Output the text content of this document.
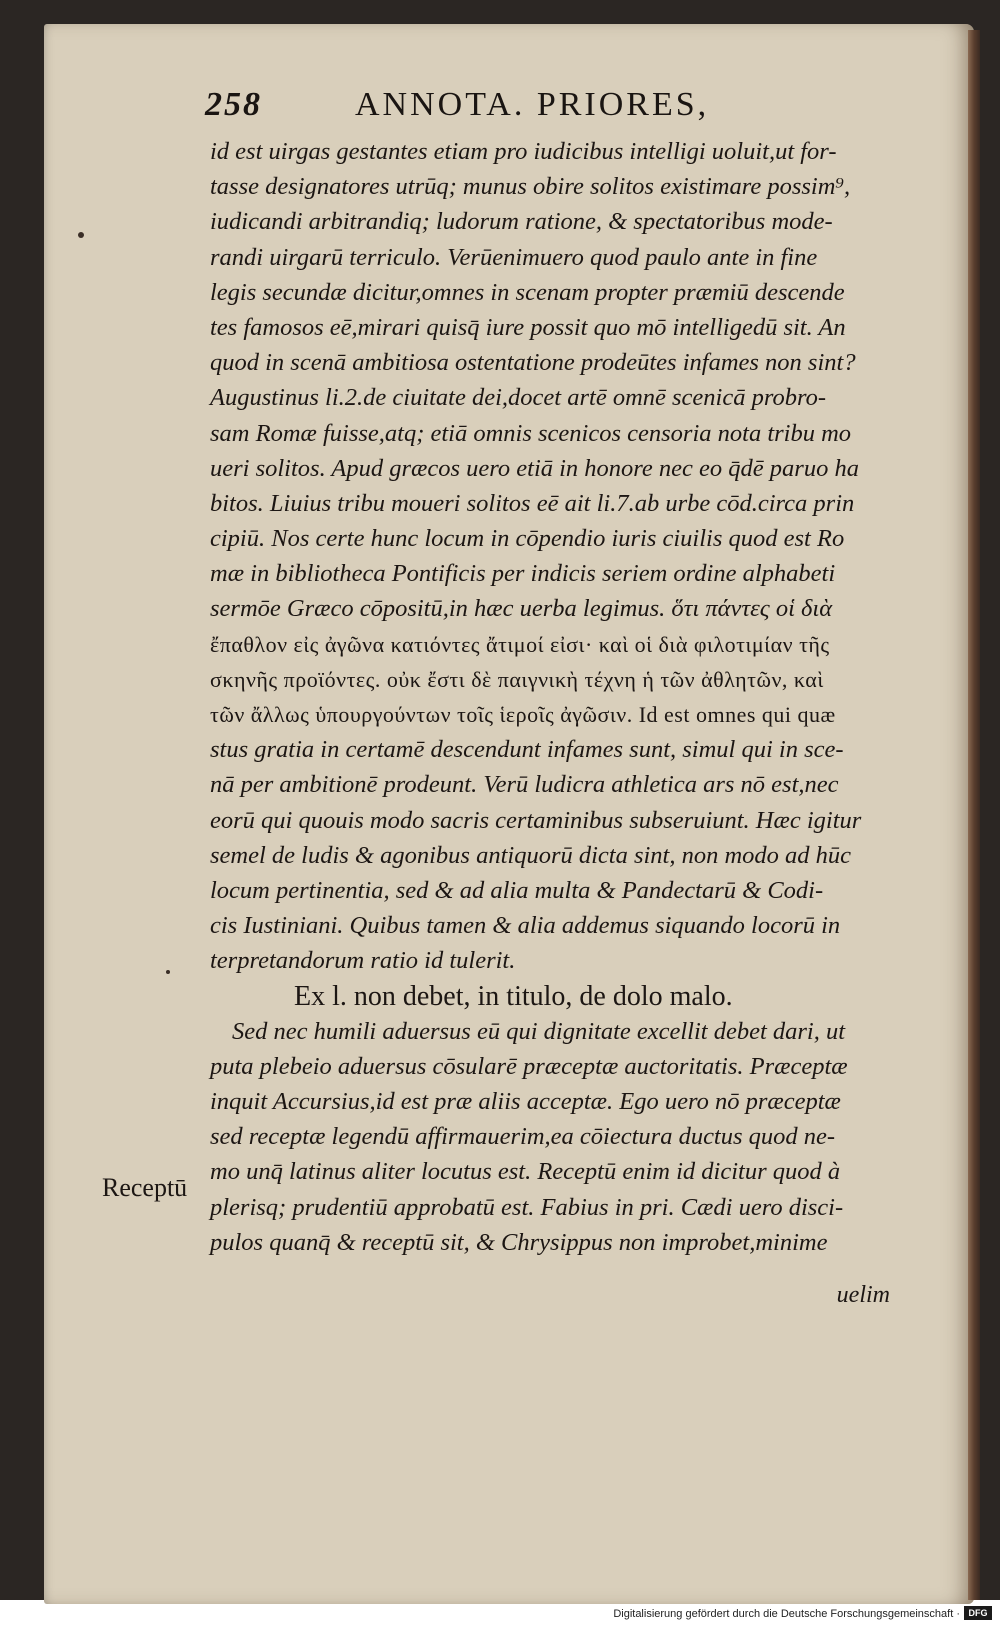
258	ANNOTA. PRIORES,
id est uirgas gestantes etiam pro iudicibus intelligi uoluit,ut for-
tasse designatores utrūq; munus obire solitos existimare possim⁹,
iudicandi arbitrandiq; ludorum ratione, & spectatoribus mode-
randi uirgarū terriculo. Verūenimuero quod paulo ante in fine
legis secundæ dicitur,omnes in scenam propter præmiū descende
tes famosos eē,mirari quisq̄ iure possit quo mō intelligedū sit. An
quod in scenā ambitiosa ostentatione prodeūtes infames non sint?
Augustinus li.2.de ciuitate dei,docet artē omnē scenicā probro-
sam Romæ fuisse,atq; etiā omnis scenicos censoria nota tribu mo
ueri solitos. Apud græcos uero etiā in honore nec eo q̄dē paruo ha
bitos. Liuius tribu moueri solitos eē ait li.7.ab urbe cōd.circa prin
cipiū. Nos certe hunc locum in cōpendio iuris ciuilis quod est Ro
mæ in bibliotheca Pontificis per indicis seriem ordine alphabeti
sermōe Græco cōpositū,in hæc uerba legimus. ὅτι πάντες οἱ διὰ
ἔπαθλον εἰς ἀγῶνα κατιόντες ἄτιμοί εἰσι· καὶ οἱ διὰ φιλοτιμίαν τῆς
σκηνῆς προϊόντες. οὐκ ἔστι δὲ παιγνικὴ τέχνη ἡ τῶν ἀθλητῶν, καὶ
τῶν ἄλλως ὑπουργούντων τοῖς ἱεροῖς ἀγῶσιν. Id est omnes qui quæ
stus gratia in certamē descendunt infames sunt, simul qui in sce-
nā per ambitionē prodeunt. Verū ludicra athletica ars nō est,nec
eorū qui quouis modo sacris certaminibus subseruiunt. Hæc igitur
semel de ludis & agonibus antiquorū dicta sint, non modo ad hūc
locum pertinentia, sed & ad alia multa & Pandectarū & Codi-
cis Iustiniani. Quibus tamen & alia addemus siquando locorū in
terpretandorum ratio id tulerit.
Ex l. non debet, in titulo, de dolo malo.
Sed nec humili aduersus eū qui dignitate excellit debet dari, ut
puta plebeio aduersus cōsularē præceptæ auctoritatis. Præceptæ
inquit Accursius,id est præ aliis acceptæ. Ego uero nō præceptæ
sed receptæ legendū affirmauerim,ea cōiectura ductus quod ne-
mo unq̄ latinus aliter locutus est. Receptū enim id dicitur quod à
plerisq; prudentiū approbatū est. Fabius in pri. Cædi uero disci-
pulos quanq̄ & receptū sit, & Chrysippus non improbet,minime
Receptū
uelim
Digitalisierung gefördert durch die Deutsche Forschungsgemeinschaft · DFG
